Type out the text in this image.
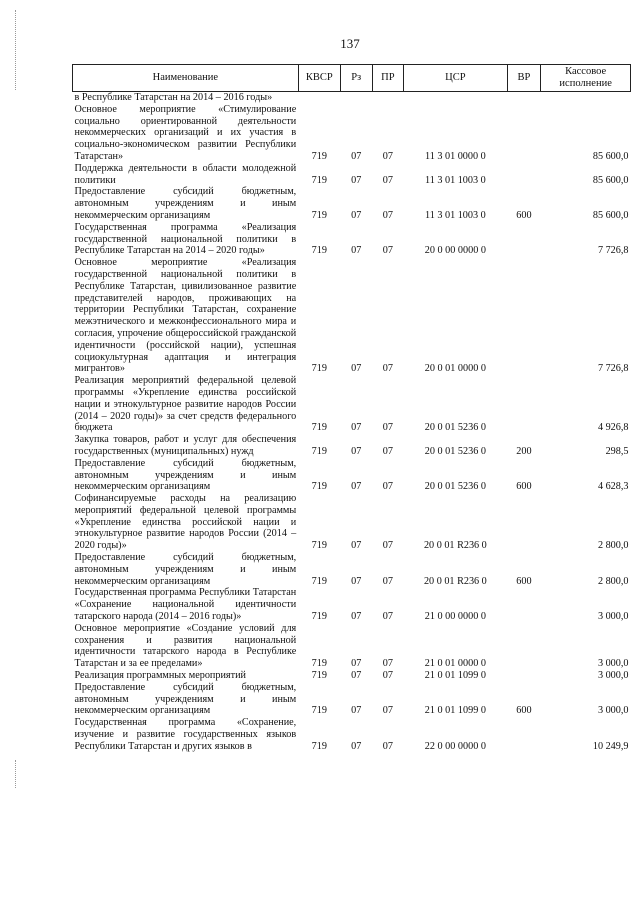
137
Наименование	КВСР	Рз	ПР	ЦСР	ВР	Кассовое исполнение
в Республике Татарстан на 2014 – 2016 годы»						
Основное мероприятие «Стимулирование социально ориентированной деятельности некоммерческих организаций и их участия в социально-экономическом развитии Республики Татарстан»	719	07	07	11 3 01 0000 0		85 600,0
Поддержка деятельности в области молодежной политики	719	07	07	11 3 01 1003 0		85 600,0
Предоставление субсидий бюджетным, автономным учреждениям и иным некоммерческим организациям	719	07	07	11 3 01 1003 0	600	85 600,0
Государственная программа «Реализация государственной национальной политики в Республике Татарстан на 2014 – 2020 годы»	719	07	07	20 0 00 0000 0		7 726,8
Основное мероприятие «Реализация государственной национальной политики в Республике Татарстан, цивилизованное развитие представителей народов, проживающих на территории Республики Татарстан, сохранение межэтнического и межконфессионального мира и согласия, упрочение общероссийской гражданской идентичности (российской нации), успешная социокультурная адаптация и интеграция мигрантов»	719	07	07	20 0 01 0000 0		7 726,8
Реализация мероприятий федеральной целевой программы «Укрепление единства российской нации и этнокультурное развитие народов России (2014 – 2020 годы)» за счет средств федерального бюджета	719	07	07	20 0 01 5236 0		4 926,8
Закупка товаров, работ и услуг для обеспечения государственных (муниципальных) нужд	719	07	07	20 0 01 5236 0	200	298,5
Предоставление субсидий бюджетным, автономным учреждениям и иным некоммерческим организациям	719	07	07	20 0 01 5236 0	600	4 628,3
Софинансируемые расходы на реализацию мероприятий федеральной целевой программы «Укрепление единства российской нации и этнокультурное развитие народов России (2014 – 2020 годы)»	719	07	07	20 0 01 R236 0		2 800,0
Предоставление субсидий бюджетным, автономным учреждениям и иным некоммерческим организациям	719	07	07	20 0 01 R236 0	600	2 800,0
Государственная программа Республики Татарстан «Сохранение национальной идентичности татарского народа (2014 – 2016 годы)»	719	07	07	21 0 00 0000 0		3 000,0
Основное мероприятие «Создание условий для сохранения и развития национальной идентичности татарского народа в Республике Татарстан и за ее пределами»	719	07	07	21 0 01 0000 0		3 000,0
Реализация программных мероприятий	719	07	07	21 0 01 1099 0		3 000,0
Предоставление субсидий бюджетным, автономным учреждениям и иным некоммерческим организациям	719	07	07	21 0 01 1099 0	600	3 000,0
Государственная программа «Сохранение, изучение и развитие государственных языков Республики Татарстан и других языков в	719	07	07	22 0 00 0000 0		10 249,9
